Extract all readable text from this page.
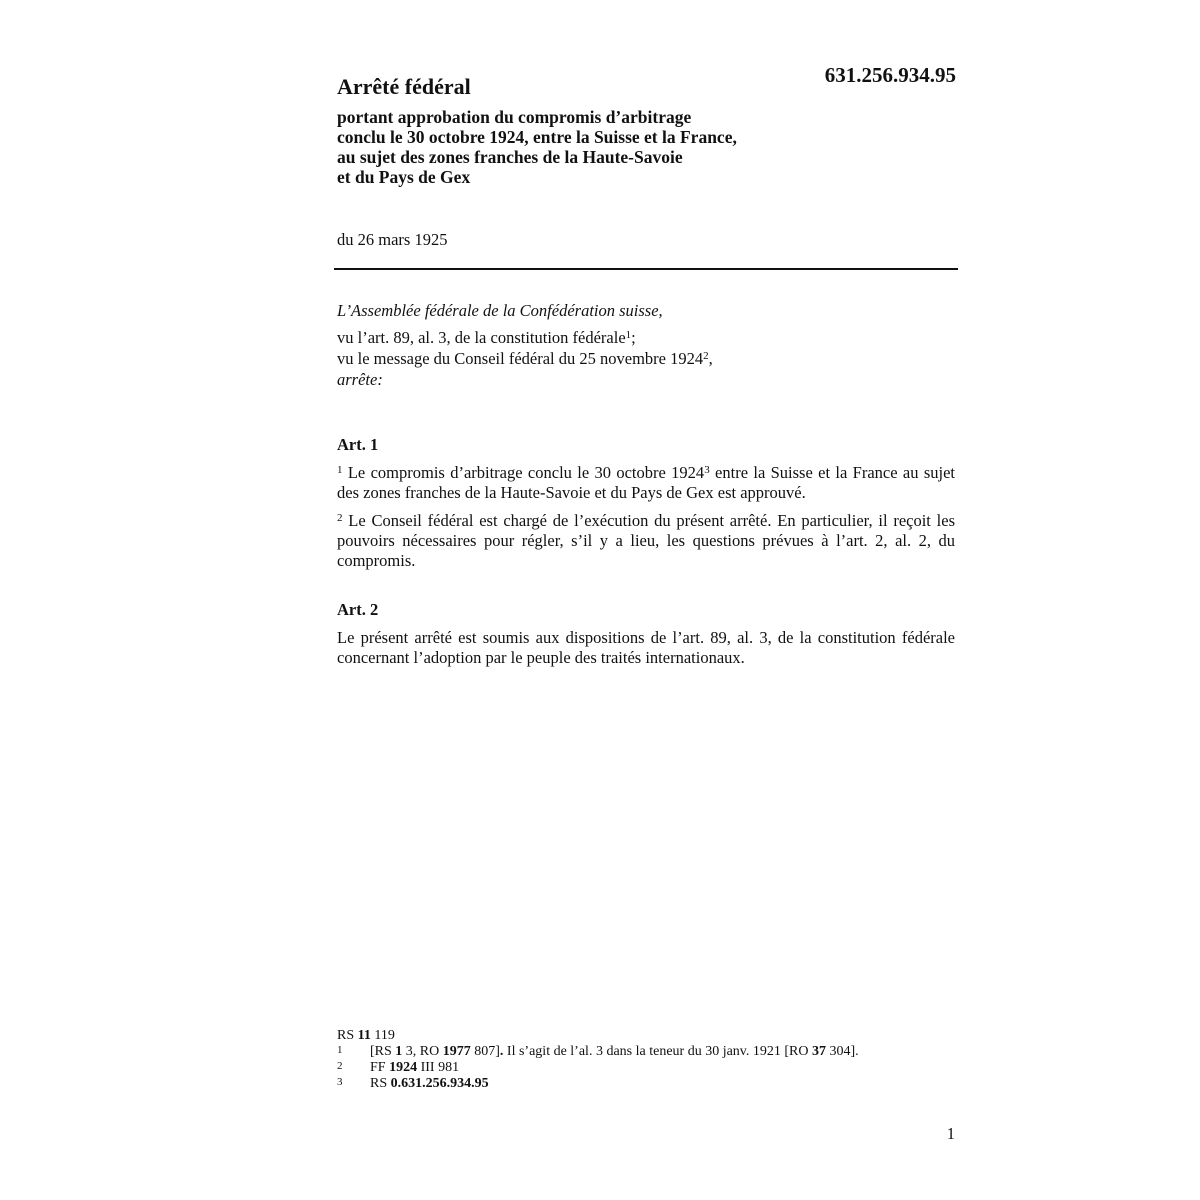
Arrêté fédéral	631.256.934.95
portant approbation du compromis d’arbitrage
conclu le 30 octobre 1924, entre la Suisse et la France,
au sujet des zones franches de la Haute-Savoie
et du Pays de Gex
du 26 mars 1925
L’Assemblée fédérale de la Confédération suisse,
vu l’art. 89, al. 3, de la constitution fédérale$^1$;
vu le message du Conseil fédéral du 25 novembre 1924$^2$,
arrête:
Art. 1
$^1$ Le compromis d’arbitrage conclu le 30 octobre 1924$^3$ entre la Suisse et la France au sujet des zones franches de la Haute-Savoie et du Pays de Gex est approuvé.
$^2$ Le Conseil fédéral est chargé de l’exécution du présent arrêté. En particulier, il reçoit les pouvoirs nécessaires pour régler, s’il y a lieu, les questions prévues à l’art. 2, al. 2, du compromis.
Art. 2
Le présent arrêté est soumis aux dispositions de l’art. 89, al. 3, de la constitution fédérale concernant l’adoption par le peuple des traités internationaux.
RS 11 119
1	[RS 1 3, RO 1977 807]. Il s’agit de l’al. 3 dans la teneur du 30 janv. 1921 [RO 37 304].
2	FF 1924 III 981
3	RS 0.631.256.934.95
1
